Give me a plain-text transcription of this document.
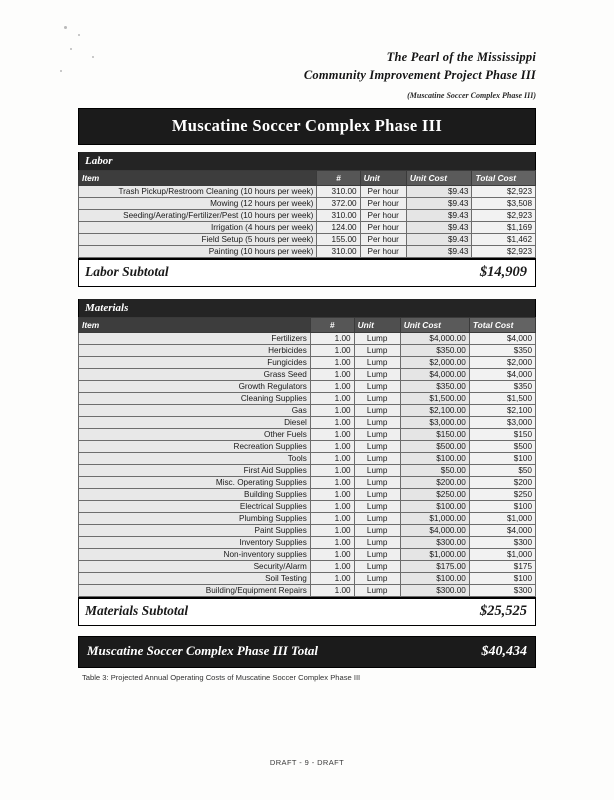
The Pearl of the Mississippi
Community Improvement Project Phase III
(Muscatine Soccer Complex Phase III)
Muscatine Soccer Complex Phase III
Labor
Item	#	Unit	Unit Cost	Total Cost
Trash Pickup/Restroom Cleaning (10 hours per week)	310.00	Per hour	$9.43	$2,923
Mowing (12 hours per week)	372.00	Per hour	$9.43	$3,508
Seeding/Aerating/Fertilizer/Pest (10 hours per week)	310.00	Per hour	$9.43	$2,923
Irrigation (4 hours per week)	124.00	Per hour	$9.43	$1,169
Field Setup (5 hours per week)	155.00	Per hour	$9.43	$1,462
Painting (10 hours per week)	310.00	Per hour	$9.43	$2,923
Labor Subtotal	$14,909
Materials
Item	#	Unit	Unit Cost	Total Cost
Fertilizers	1.00	Lump	$4,000.00	$4,000
Herbicides	1.00	Lump	$350.00	$350
Fungicides	1.00	Lump	$2,000.00	$2,000
Grass Seed	1.00	Lump	$4,000.00	$4,000
Growth Regulators	1.00	Lump	$350.00	$350
Cleaning Supplies	1.00	Lump	$1,500.00	$1,500
Gas	1.00	Lump	$2,100.00	$2,100
Diesel	1.00	Lump	$3,000.00	$3,000
Other Fuels	1.00	Lump	$150.00	$150
Recreation Supplies	1.00	Lump	$500.00	$500
Tools	1.00	Lump	$100.00	$100
First Aid Supplies	1.00	Lump	$50.00	$50
Misc. Operating Supplies	1.00	Lump	$200.00	$200
Building Supplies	1.00	Lump	$250.00	$250
Electrical Supplies	1.00	Lump	$100.00	$100
Plumbing Supplies	1.00	Lump	$1,000.00	$1,000
Paint Supplies	1.00	Lump	$4,000.00	$4,000
Inventory Supplies	1.00	Lump	$300.00	$300
Non-inventory supplies	1.00	Lump	$1,000.00	$1,000
Security/Alarm	1.00	Lump	$175.00	$175
Soil Testing	1.00	Lump	$100.00	$100
Building/Equipment Repairs	1.00	Lump	$300.00	$300
Materials Subtotal	$25,525
Muscatine Soccer Complex Phase III Total	$40,434
Table 3: Projected Annual Operating Costs of Muscatine Soccer Complex Phase III
DRAFT - 9 - DRAFT
